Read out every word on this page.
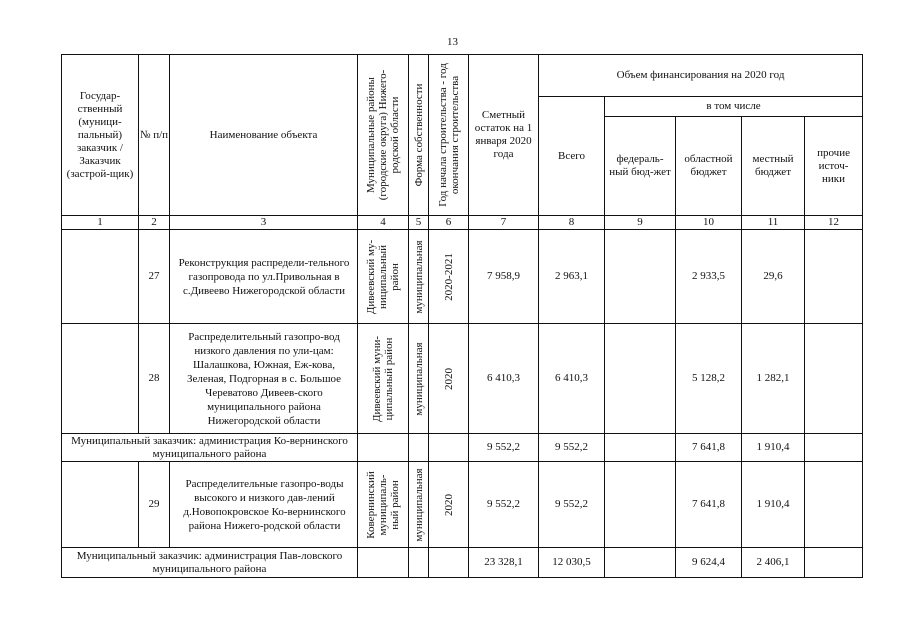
13
Государ-ственный (муници-пальный) заказчик / Заказчик (застрой-щик)	№ п/п	Наименование объекта	Муниципальные районы (городские округа) Нижего-родской области	Форма собственности	Год начала строительства - год окончания строительства	Сметный остаток на 1 января 2020 года	Объем финансирования на 2020 год				
							Всего	в том числе			
								федераль-ный бюд-жет	областной бюджет	местный бюджет	прочие источ-ники
1	2	3	4	5	6	7	8	9	10	11	12
	27	Реконструкция распредели-тельного газопровода по ул.Привольная в с.Дивеево Нижегородской области	Дивеевский му- ниципальный район	муниципальная	2020-2021	7 958,9	2 963,1		2 933,5	29,6	
	28	Распределительный газопро-вод низкого давления по ули-цам: Шалашкова, Южная, Еж-кова, Зеленая, Подгорная в с. Большое Череватово Дивеев-ского муниципального района Нижегородской области	Дивеевский муни- ципальный район	муниципальная	2020	6 410,3	6 410,3		5 128,2	1 282,1	
Муниципальный заказчик: администрация Ко-вернинского муниципального района						9 552,2	9 552,2		7 641,8	1 910,4	
	29	Распределительные газопро-воды высокого и низкого дав-лений д.Новопокровское Ко-вернинского района Нижего-родской области	Ковернинский муниципаль- ный район	муниципальная	2020	9 552,2	9 552,2		7 641,8	1 910,4	
Муниципальный заказчик: администрация Пав-ловского муниципального района						23 328,1	12 030,5		9 624,4	2 406,1	
